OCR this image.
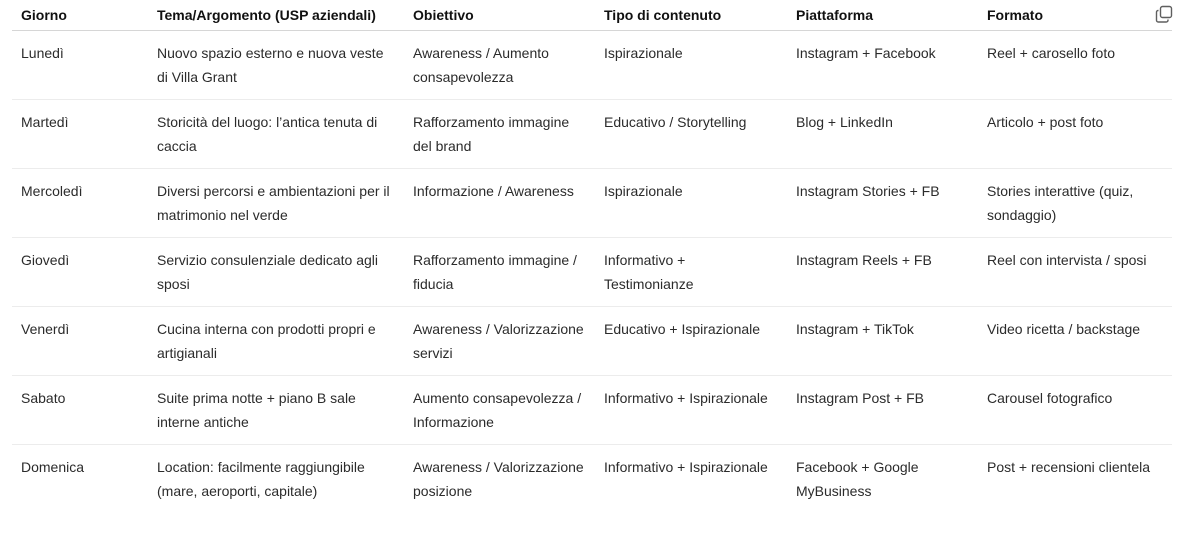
Giorno	Tema/Argomento (USP aziendali)	Obiettivo	Tipo di contenuto	Piattaforma	Formato
Lunedì	Nuovo spazio esterno e nuova veste di Villa Grant	Awareness / Aumento consapevolezza	Ispirazionale	Instagram + Facebook	Reel + carosello foto
Martedì	Storicità del luogo: l’antica tenuta di caccia	Rafforzamento immagine del brand	Educativo / Storytelling	Blog + LinkedIn	Articolo + post foto
Mercoledì	Diversi percorsi e ambientazioni per il matrimonio nel verde	Informazione / Awareness	Ispirazionale	Instagram Stories + FB	Stories interattive (quiz, sondaggio)
Giovedì	Servizio consulenziale dedicato agli sposi	Rafforzamento immagine / fiducia	Informativo + Testimonianze	Instagram Reels + FB	Reel con intervista / sposi
Venerdì	Cucina interna con prodotti propri e artigianali	Awareness / Valorizzazione servizi	Educativo + Ispirazionale	Instagram + TikTok	Video ricetta / backstage
Sabato	Suite prima notte + piano B sale interne antiche	Aumento consapevolezza / Informazione	Informativo + Ispirazionale	Instagram Post + FB	Carousel fotografico
Domenica	Location: facilmente raggiungibile (mare, aeroporti, capitale)	Awareness / Valorizzazione posizione	Informativo + Ispirazionale	Facebook + Google MyBusiness	Post + recensioni clientela
